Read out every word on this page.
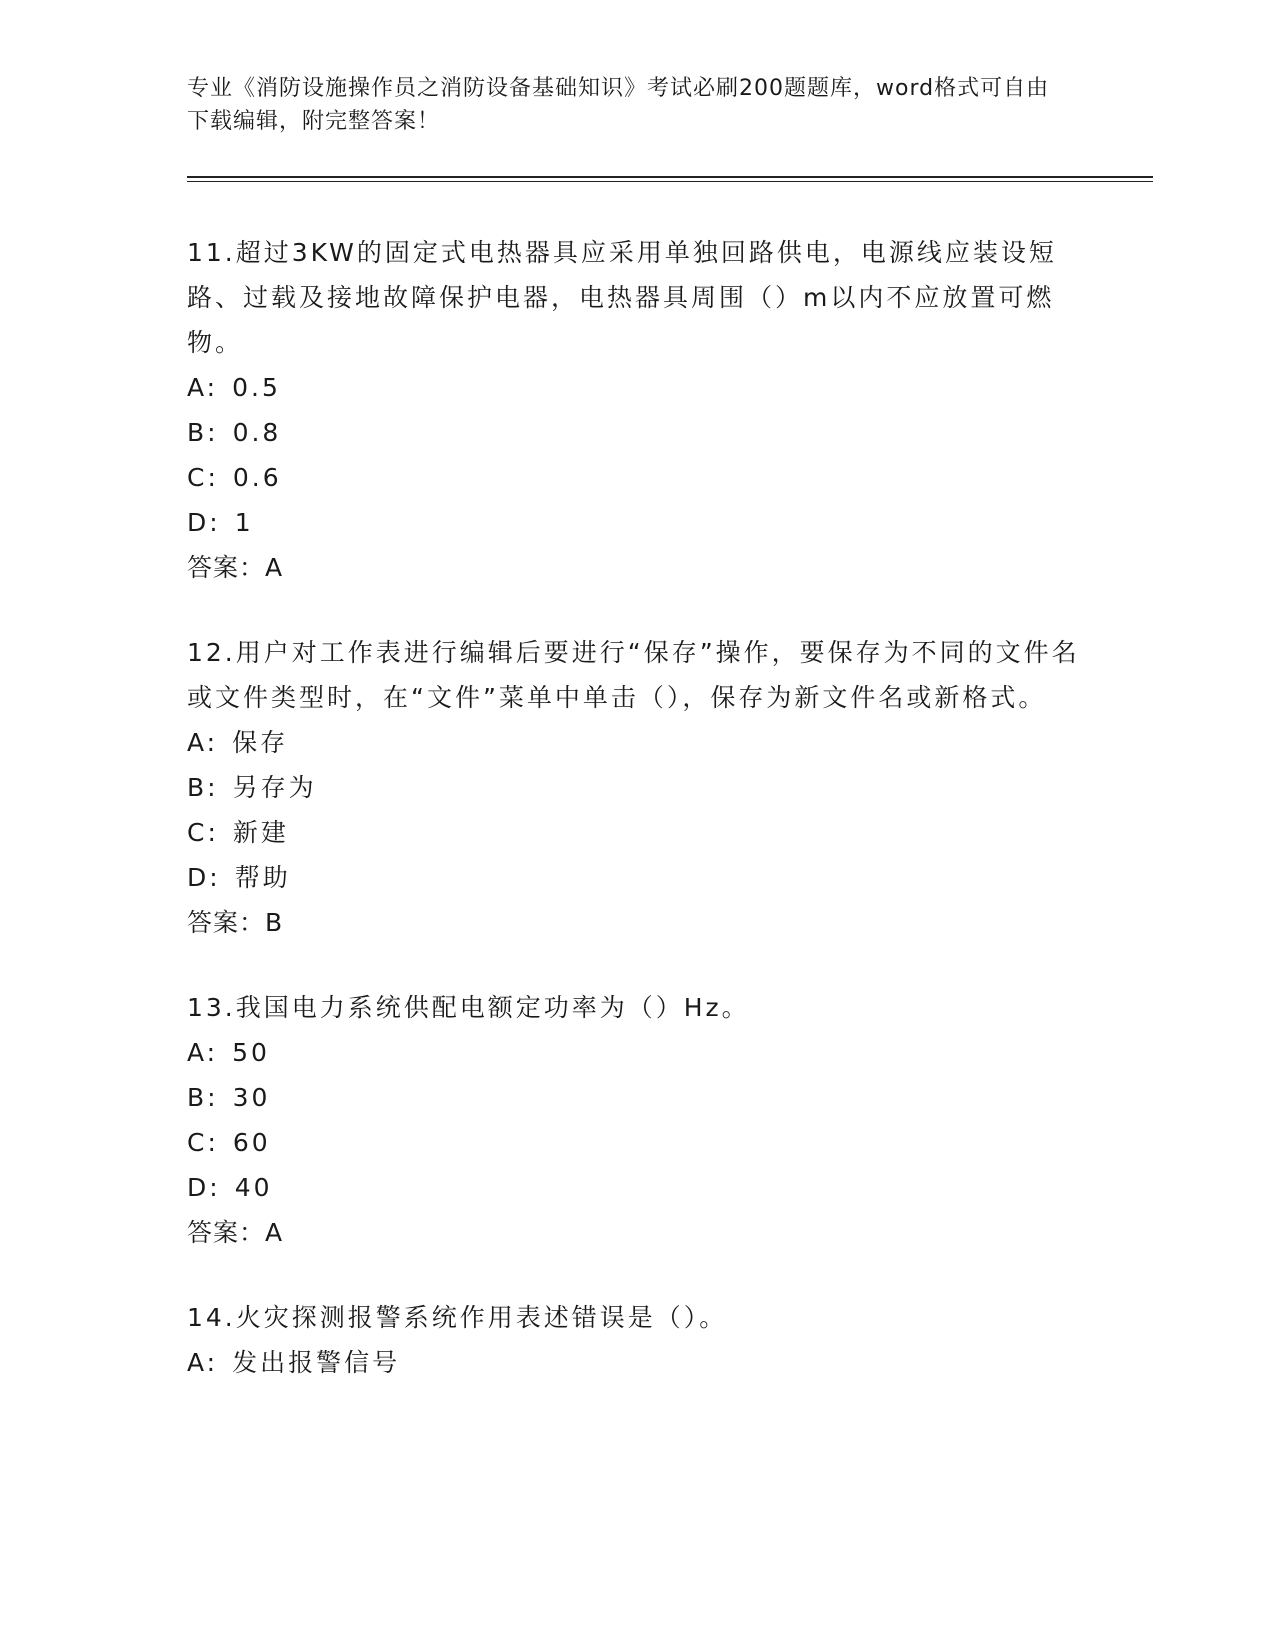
专业《消防设施操作员之消防设备基础知识》考试必刷200题题库，word格式可自由下载编辑，附完整答案！

11.超过3KW的固定式电热器具应采用单独回路供电，电源线应装设短路、过载及接地故障保护电器，电热器具周围（）m以内不应放置可燃物。

A: 0.5
B: 0.8
C: 0.6
D: 1

答案：A

12.用户对工作表进行编辑后要进行“保存”操作，要保存为不同的文件名或文件类型时，在“文件”菜单中单击（），保存为新文件名或新格式。

A: 保存
B: 另存为
C: 新建
D: 帮助

答案：B

13.我国电力系统供配电额定功率为（）Hz。

A: 50
B: 30
C: 60
D: 40

答案：A

14.火灾探测报警系统作用表述错误是（）。

A: 发出报警信号
